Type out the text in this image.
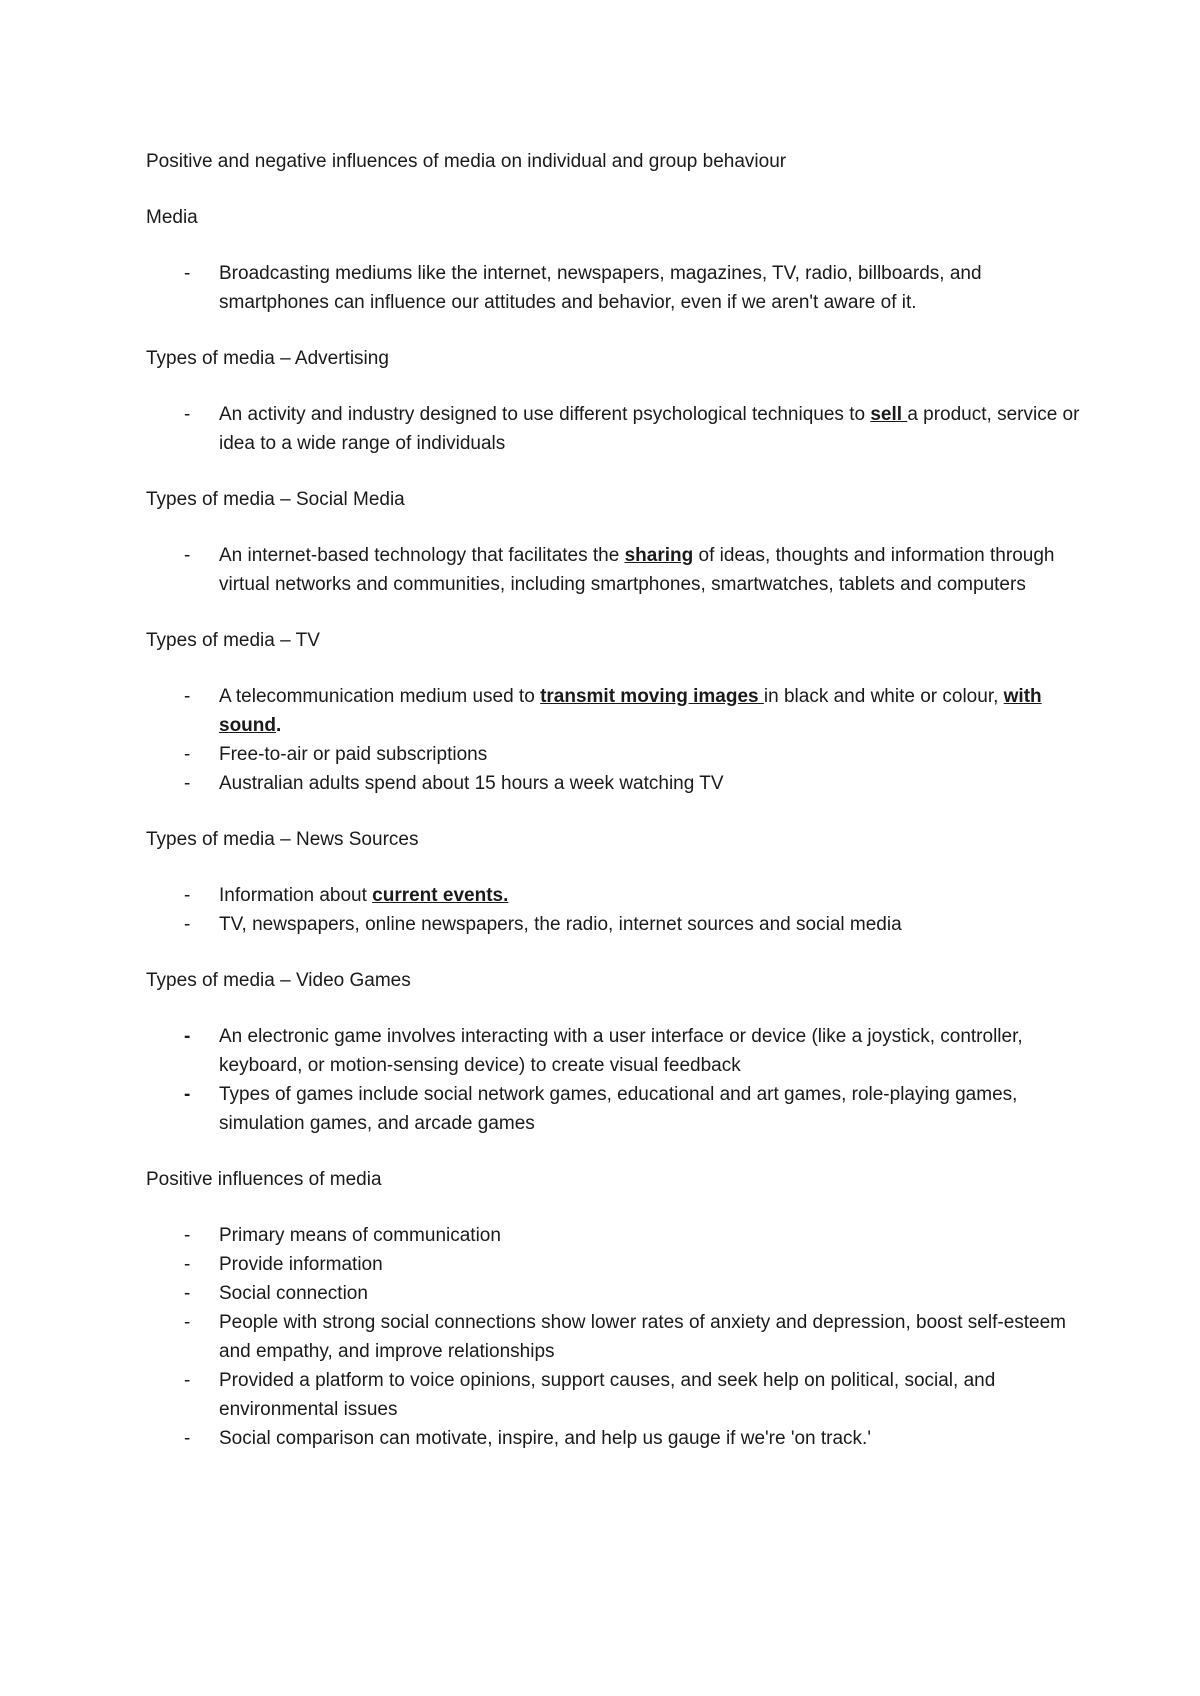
Positive and negative influences of media on individual and group behaviour

Media

- Broadcasting mediums like the internet, newspapers, magazines, TV, radio, billboards, and smartphones can influence our attitudes and behavior, even if we aren't aware of it.

Types of media – Advertising

- An activity and industry designed to use different psychological techniques to sell a product, service or idea to a wide range of individuals

Types of media – Social Media

- An internet-based technology that facilitates the sharing of ideas, thoughts and information through virtual networks and communities, including smartphones, smartwatches, tablets and computers

Types of media – TV

- A telecommunication medium used to transmit moving images in black and white or colour, with sound.
- Free-to-air or paid subscriptions
- Australian adults spend about 15 hours a week watching TV

Types of media – News Sources

- Information about current events.
- TV, newspapers, online newspapers, the radio, internet sources and social media

Types of media – Video Games

- An electronic game involves interacting with a user interface or device (like a joystick, controller, keyboard, or motion-sensing device) to create visual feedback
- Types of games include social network games, educational and art games, role-playing games, simulation games, and arcade games

Positive influences of media

- Primary means of communication
- Provide information
- Social connection
- People with strong social connections show lower rates of anxiety and depression, boost self-esteem and empathy, and improve relationships
- Provided a platform to voice opinions, support causes, and seek help on political, social, and environmental issues
- Social comparison can motivate, inspire, and help us gauge if we're 'on track.'
